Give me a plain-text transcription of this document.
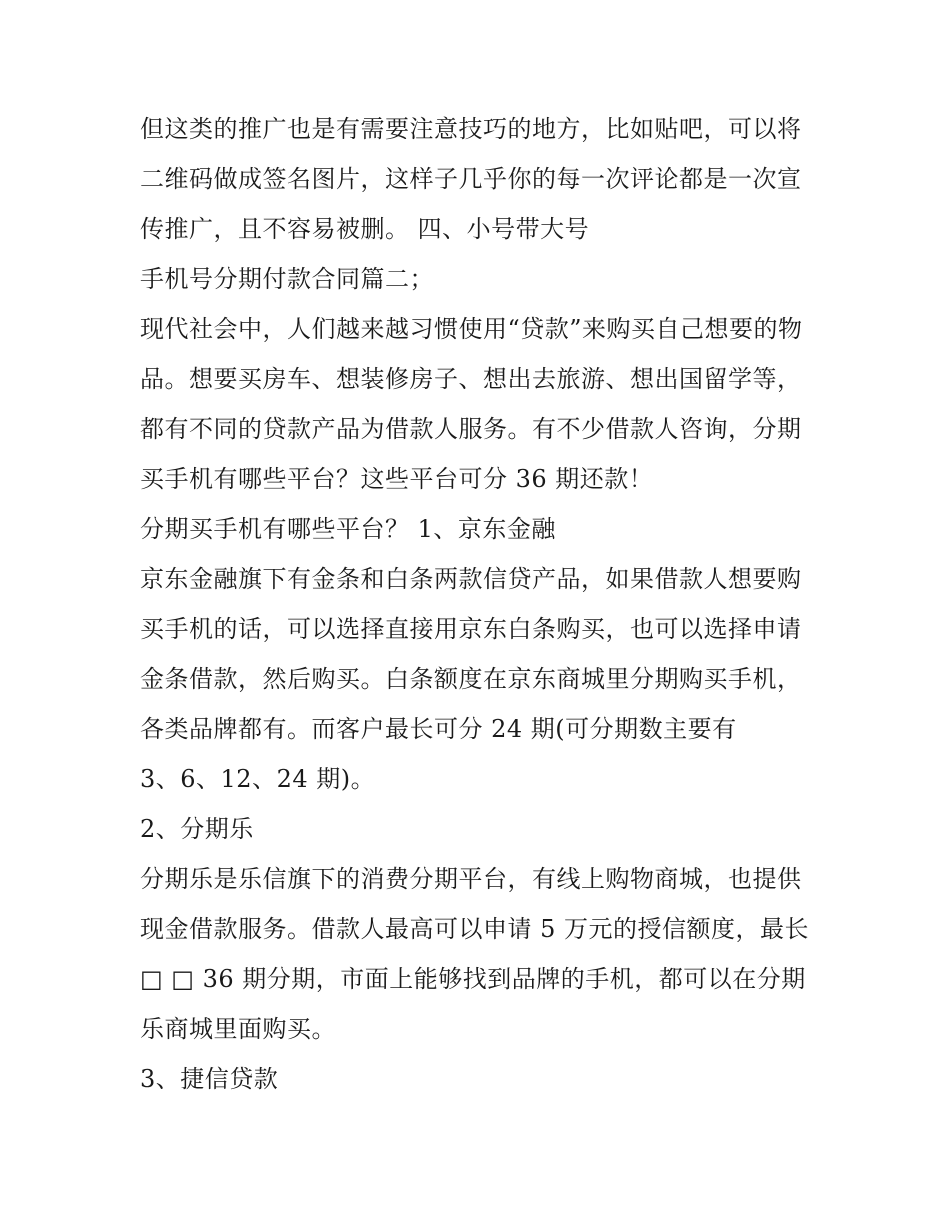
但这类的推广也是有需要注意技巧的地方，比如贴吧，可以将
二维码做成签名图片，这样子几乎你的每一次评论都是一次宣
传推广，且不容易被删。 四、小号带大号
手机号分期付款合同篇二；
现代社会中，人们越来越习惯使用“贷款”来购买自己想要的物
品。想要买房车、想装修房子、想出去旅游、想出国留学等，
都有不同的贷款产品为借款人服务。有不少借款人咨询，分期
买手机有哪些平台？这些平台可分 36 期还款！
分期买手机有哪些平台？ 1、京东金融
京东金融旗下有金条和白条两款信贷产品，如果借款人想要购
买手机的话，可以选择直接用京东白条购买，也可以选择申请
金条借款，然后购买。白条额度在京东商城里分期购买手机，
各类品牌都有。而客户最长可分 24 期(可分期数主要有
3、6、12、24 期)。
2、分期乐
分期乐是乐信旗下的消费分期平台，有线上购物商城，也提供
现金借款服务。借款人最高可以申请 5 万元的授信额度，最长
□ □ 36 期分期，市面上能够找到品牌的手机，都可以在分期
乐商城里面购买。
3、捷信贷款
